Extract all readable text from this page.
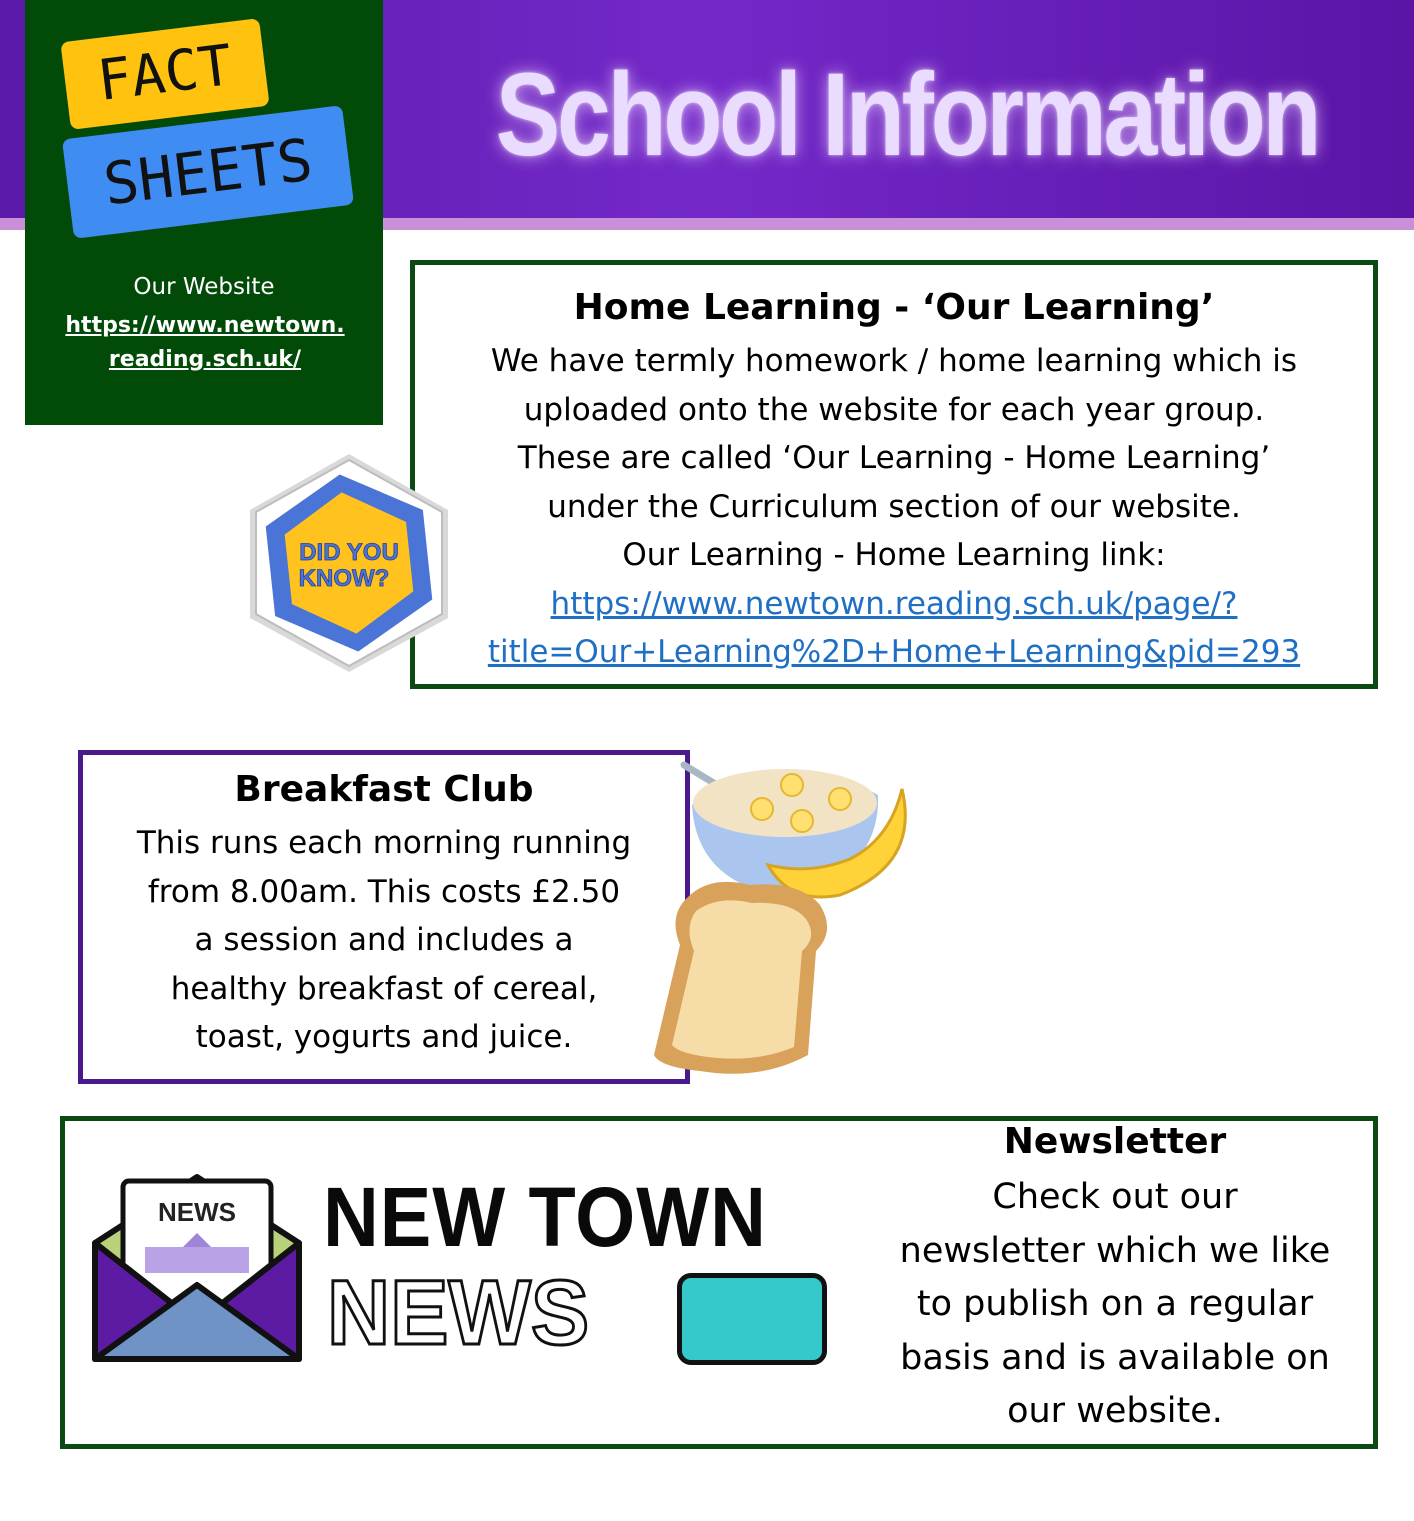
School Information
FACT
SHEETS
Our Website
https://www.newtown.
reading.sch.uk/
Home Learning - ‘Our Learning’
We have termly homework / home learning which is
uploaded onto the website for each year group.
These are called ‘Our Learning - Home Learning’
under the Curriculum section of our website.
Our Learning - Home Learning link:
https://www.newtown.reading.sch.uk/page/?
title=Our+Learning%2D+Home+Learning&pid=293
DID YOU
KNOW?
Breakfast Club
This runs each morning running
from 8.00am. This costs £2.50
a session and includes a
healthy breakfast of cereal,
toast, yogurts and juice.
NEWS NEW TOWN
NEWS
Newsletter
Check out our
newsletter which we like
to publish on a regular
basis and is available on
our website.
